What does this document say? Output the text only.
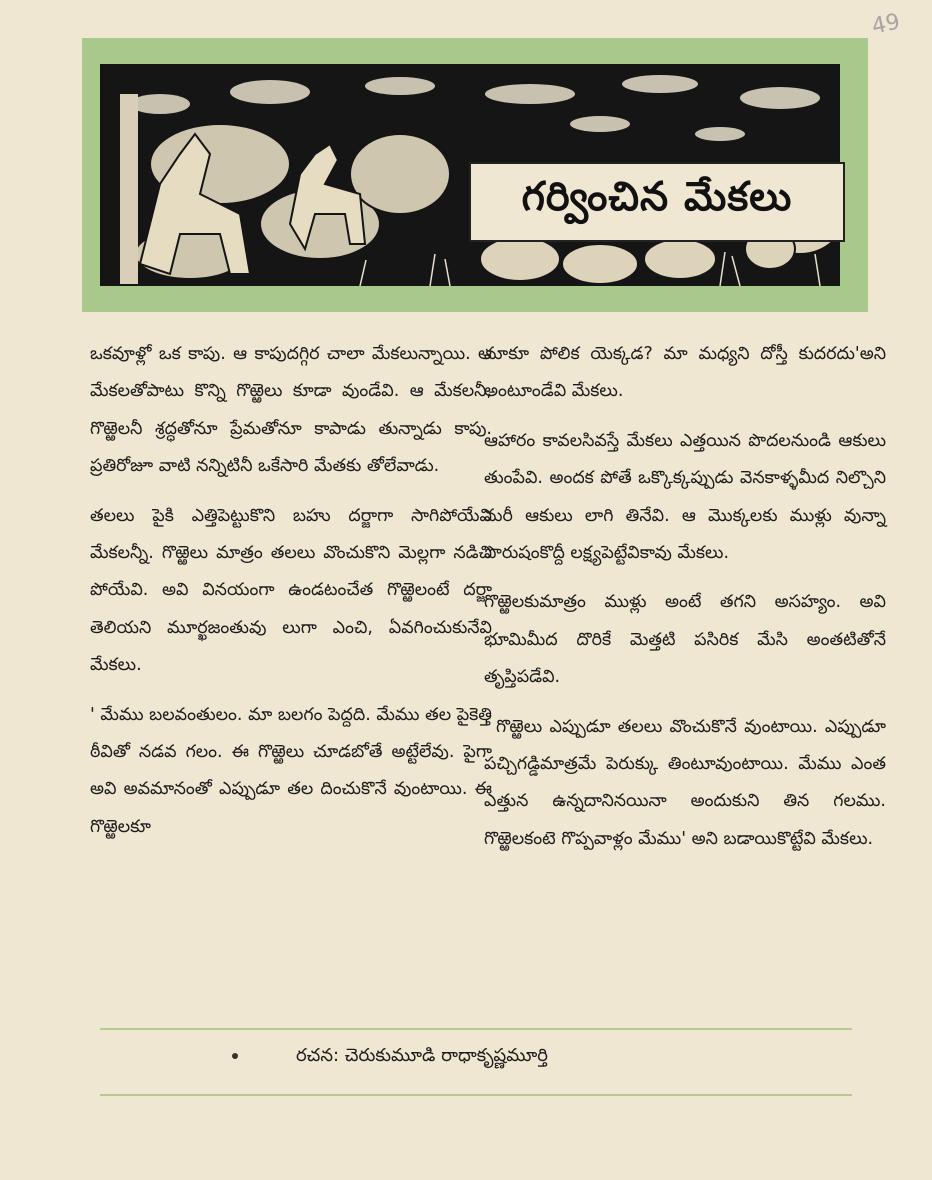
49
గర్వించిన మేకలు

ఒకవూళ్లో ఒక కాపు. ఆ కాపుదగ్గిర చాలా మేకలున్నాయి. ఆ మేకలతోపాటు కొన్ని గొఱ్ఱెలు కూడా వుండేవి. ఆ మేకలనీ, గొఱ్ఱెలనీ శ్రద్ధతోనూ ప్రేమతోనూ కాపాడు తున్నాడు కాపు. ప్రతిరోజూ వాటి నన్నిటినీ ఒకేసారి మేతకు తోలేవాడు.

తలలు పైకి ఎత్తిపెట్టుకొని బహు దర్జాగా సాగిపోయేవి మేకలన్నీ. గొఱ్ఱెలు మాత్రం తలలు వొంచుకొని మెల్లగా నడిచి పోయేవి. అవి వినయంగా ఉండటంచేత గొఱ్ఱెలంటే దర్జా తెలియని మూర్ఖజంతువు లుగా ఎంచి, ఏవగించుకునేవి మేకలు.

' మేము బలవంతులం. మా బలగం పెద్దది. మేము తల పైకెత్తి ఠీవితో నడవ గలం. ఈ గొఱ్ఱెలు చూడబోతే అట్టేలేవు. పైగా అవి అవమానంతో ఎప్పుడూ తల దించుకొనే వుంటాయి. ఈ గొఱ్ఱెలకూ

మాకూ పోలిక యెక్కడ? మా మధ్యని దోస్తీ కుదరదు'అని అంటూండేవి మేకలు.

ఆహారం కావలసివస్తే మేకలు ఎత్తయిన పొదలనుండి ఆకులు తుంపేవి. అందక పోతే ఒక్కొక్కప్పుడు వెనకాళ్ళమీద నిల్చొని మరీ ఆకులు లాగి తినేవి. ఆ మొక్కలకు ముళ్లు వున్నా పొరుషంకొద్దీ లక్ష్యపెట్టేవికావు మేకలు.

గొఱ్ఱెలకుమాత్రం ముళ్లు అంటే తగని అసహ్యం. అవి భూమిమీద దొరికే మెత్తటి పసిరిక మేసి అంతటితోనే తృప్తిపడేవి.

' గొఱ్ఱెలు ఎప్పుడూ తలలు వొంచుకొనే వుంటాయి. ఎప్పుడూ పచ్చిగడ్డిమాత్రమే పెరుక్కు తింటూవుంటాయి. మేము ఎంత ఎత్తున ఉన్నదానినయినా అందుకుని తిన గలము. గొఱ్ఱెలకంటె గొప్పవాళ్లం మేము' అని బడాయికొట్టేవి మేకలు.

రచన: చెరుకుమూడి రాధాకృష్ణమూర్తి
